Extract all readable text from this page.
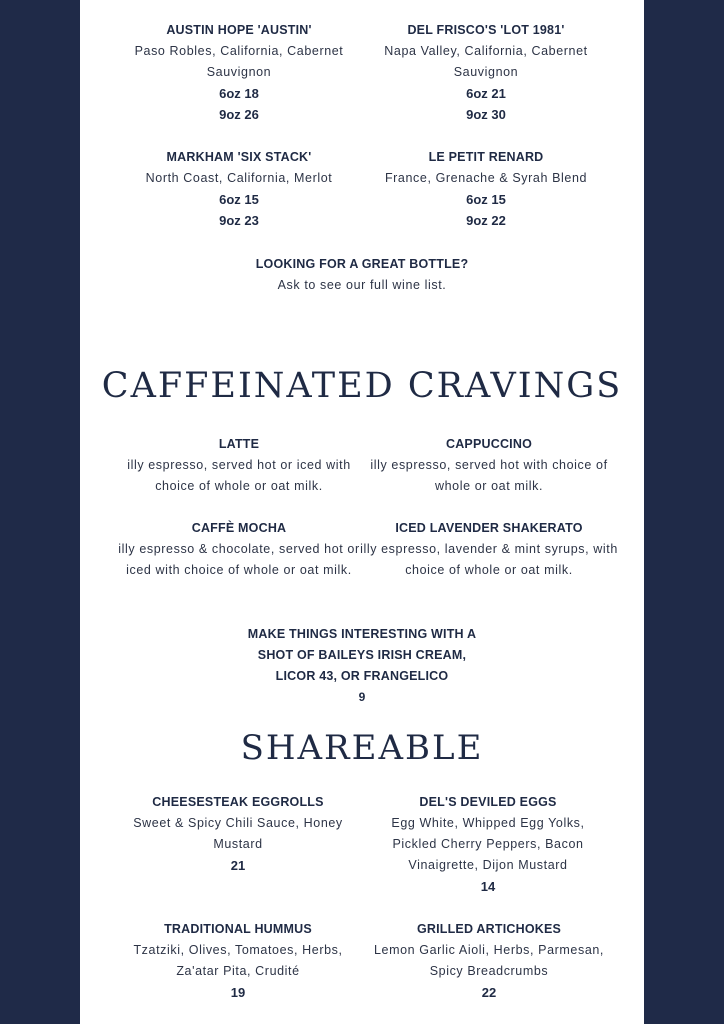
AUSTIN HOPE 'AUSTIN'
Paso Robles, California, Cabernet Sauvignon
6oz 18
9oz 26
DEL FRISCO'S 'LOT 1981'
Napa Valley, California, Cabernet Sauvignon
6oz 21
9oz 30
MARKHAM 'SIX STACK'
North Coast, California, Merlot
6oz 15
9oz 23
LE PETIT RENARD
France, Grenache & Syrah Blend
6oz 15
9oz 22
LOOKING FOR A GREAT BOTTLE?
Ask to see our full wine list.
CAFFEINATED CRAVINGS
LATTE
illy espresso, served hot or iced with choice of whole or oat milk.
CAPPUCCINO
illy espresso, served hot with choice of whole or oat milk.
CAFFÈ MOCHA
illy espresso & chocolate, served hot or iced with choice of whole or oat milk.
ICED LAVENDER SHAKERATO
illy espresso, lavender & mint syrups, with choice of whole or oat milk.
MAKE THINGS INTERESTING WITH A
SHOT OF BAILEYS IRISH CREAM,
LICOR 43, OR FRANGELICO
9
SHAREABLE
CHEESESTEAK EGGROLLS
Sweet & Spicy Chili Sauce, Honey Mustard
21
DEL'S DEVILED EGGS
Egg White, Whipped Egg Yolks, Pickled Cherry Peppers, Bacon Vinaigrette, Dijon Mustard
14
TRADITIONAL HUMMUS
Tzatziki, Olives, Tomatoes, Herbs, Za'atar Pita, Crudité
19
GRILLED ARTICHOKES
Lemon Garlic Aioli, Herbs, Parmesan, Spicy Breadcrumbs
22
